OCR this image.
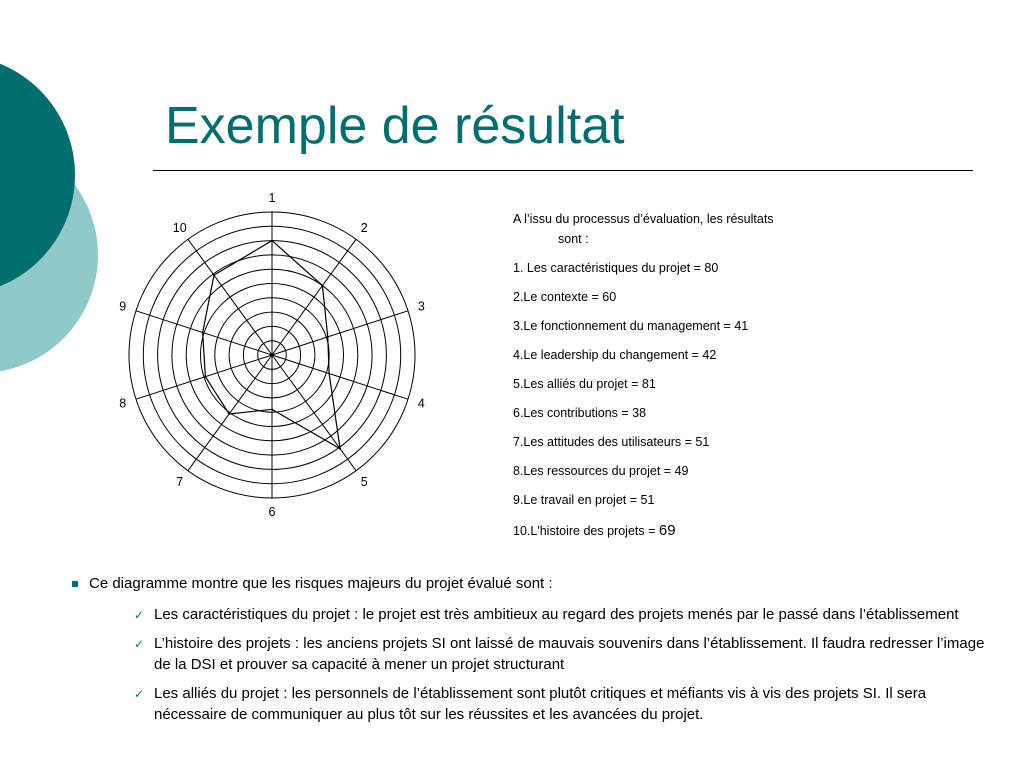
Exemple de résultat
1
2
3
4
5
6
7
8
9
10
A l’issu du processus d’évaluation, les résultats
sont :
1. Les caractéristiques du projet = 80
2.Le contexte = 60
3.Le fonctionnement du management = 41
4.Le leadership du changement = 42
5.Les alliés du projet = 81
6.Les contributions = 38
7.Les attitudes des utilisateurs = 51
8.Les ressources du projet = 49
9.Le travail en projet = 51
10.L'histoire des projets = 69
Ce diagramme montre que les risques majeurs du projet évalué sont :
✓ Les caractéristiques du projet : le projet est très ambitieux au regard des projets menés par le passé dans l’établissement
✓ L’histoire des projets : les anciens projets SI ont laissé de mauvais souvenirs dans l’établissement. Il faudra redresser l’image de la DSI et prouver sa capacité à mener un projet structurant
✓ Les alliés du projet : les personnels de l’établissement sont plutôt critiques et méfiants vis à vis des projets SI. Il sera nécessaire de communiquer au plus tôt sur les réussites et les avancées du projet.
